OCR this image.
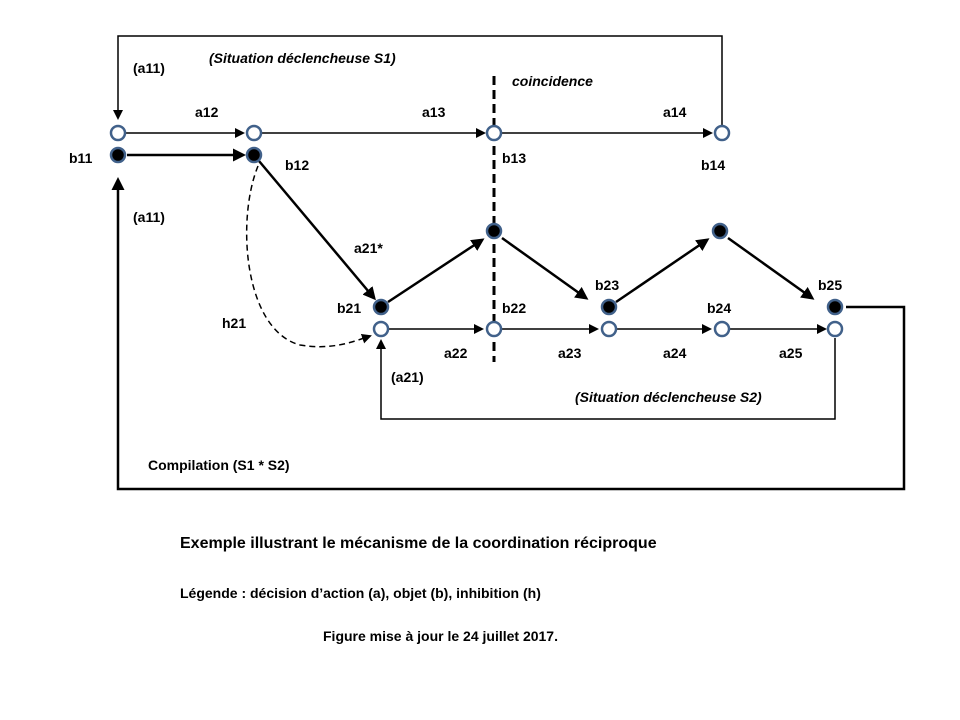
(a11)
(Situation déclencheuse S1)
coincidence
a12	a13	a14
b11	b12	b13	b14
(a11)
a21*
b23	b25
b21	b22	b24
h21
a22	a23	a24	a25
(a21)
(Situation déclencheuse S2)
Compilation (S1 * S2)
Exemple illustrant le mécanisme de la coordination réciproque
Légende : décision d’action (a), objet (b), inhibition (h)
Figure mise à jour le 24 juillet 2017.
